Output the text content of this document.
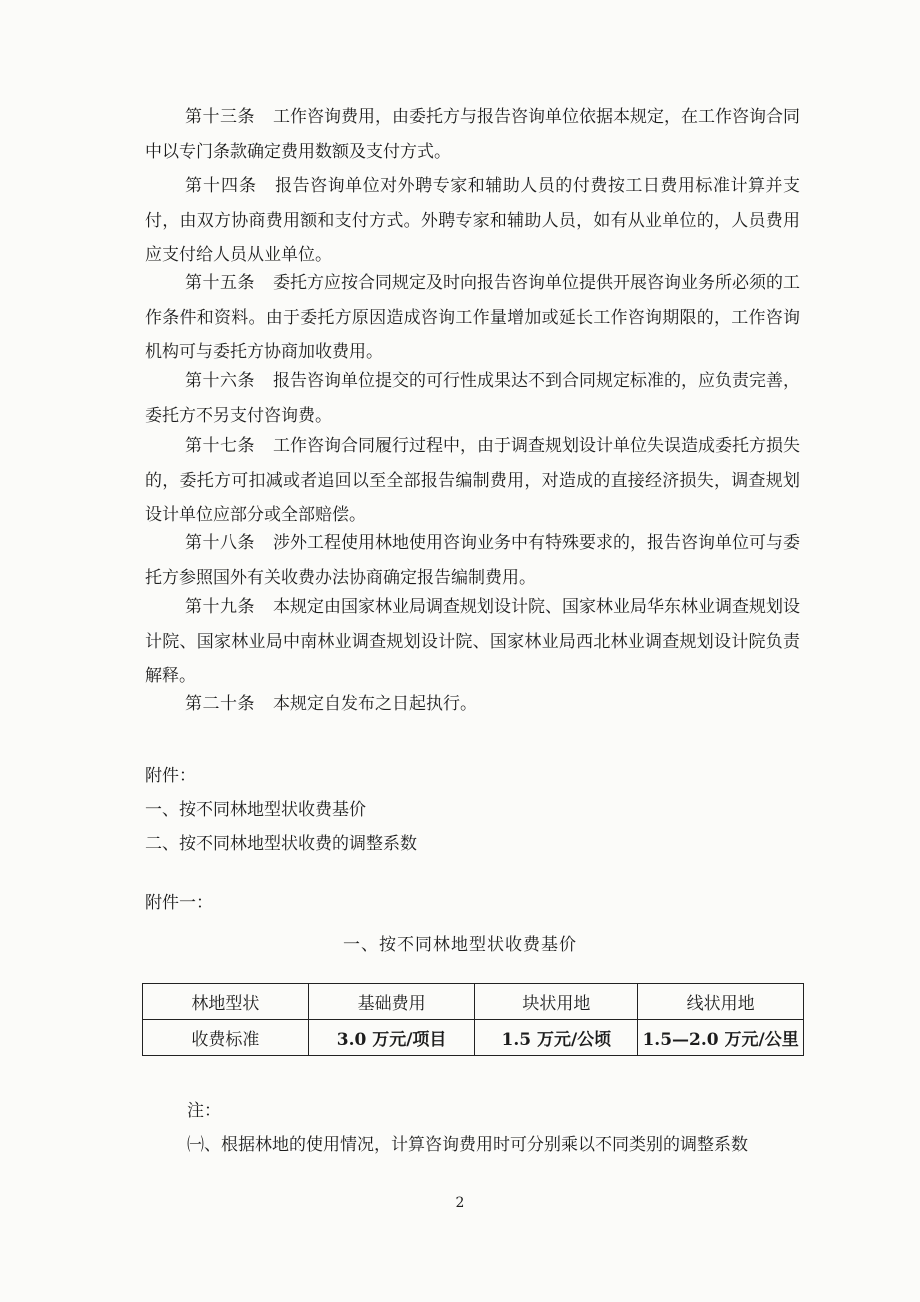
第十三条 工作咨询费用，由委托方与报告咨询单位依据本规定，在工作咨询合同中以专门条款确定费用数额及支付方式。

第十四条 报告咨询单位对外聘专家和辅助人员的付费按工日费用标准计算并支付，由双方协商费用额和支付方式。外聘专家和辅助人员，如有从业单位的，人员费用应支付给人员从业单位。

第十五条 委托方应按合同规定及时向报告咨询单位提供开展咨询业务所必须的工作条件和资料。由于委托方原因造成咨询工作量增加或延长工作咨询期限的，工作咨询机构可与委托方协商加收费用。

第十六条 报告咨询单位提交的可行性成果达不到合同规定标准的，应负责完善，委托方不另支付咨询费。

第十七条 工作咨询合同履行过程中，由于调查规划设计单位失误造成委托方损失的，委托方可扣减或者追回以至全部报告编制费用，对造成的直接经济损失，调查规划设计单位应部分或全部赔偿。

第十八条 涉外工程使用林地使用咨询业务中有特殊要求的，报告咨询单位可与委托方参照国外有关收费办法协商确定报告编制费用。

第十九条 本规定由国家林业局调查规划设计院、国家林业局华东林业调查规划设计院、国家林业局中南林业调查规划设计院、国家林业局西北林业调查规划设计院负责解释。

第二十条 本规定自发布之日起执行。

附件：

一、按不同林地型状收费基价

二、按不同林地型状收费的调整系数

附件一：

一、按不同林地型状收费基价
林地型状	基础费用	块状用地	线状用地
收费标准	3.0 万元/项目	1.5 万元/公顷	1.5—2.0 万元/公里

注：

㈠、根据林地的使用情况，计算咨询费用时可分别乘以不同类别的调整系数

2
